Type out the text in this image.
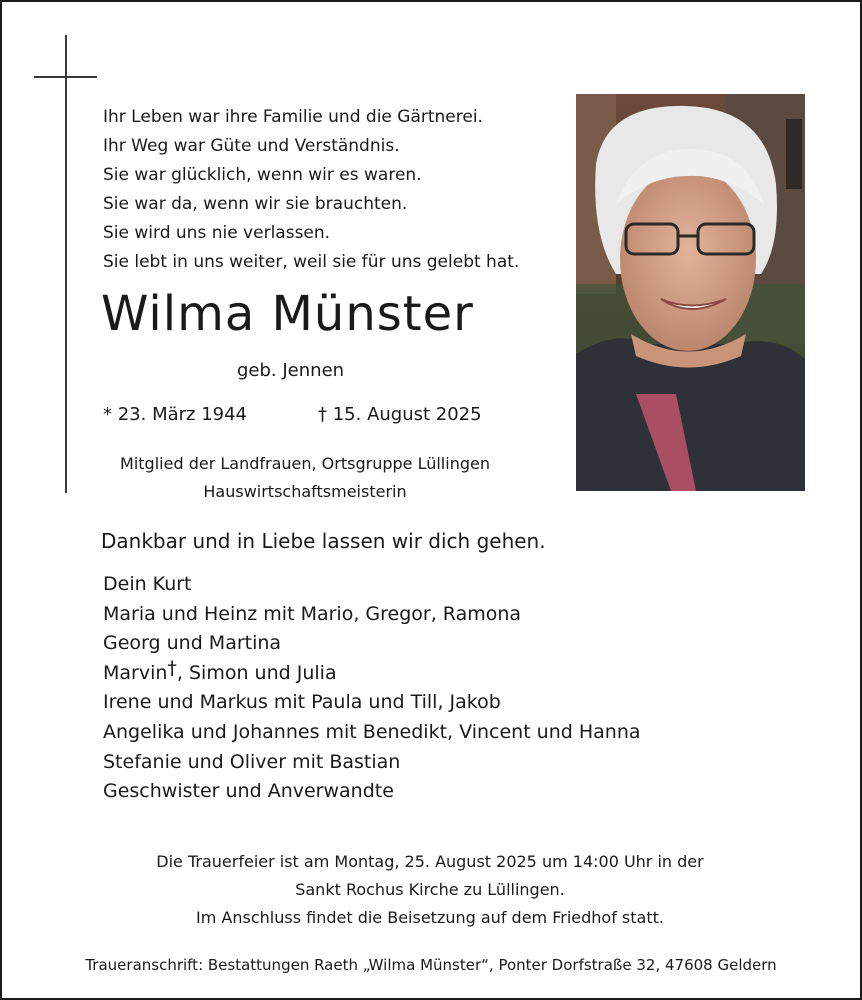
Ihr Leben war ihre Familie und die Gärtnerei.
Ihr Weg war Güte und Verständnis.
Sie war glücklich, wenn wir es waren.
Sie war da, wenn wir sie brauchten.
Sie wird uns nie verlassen.
Sie lebt in uns weiter, weil sie für uns gelebt hat.
Wilma Münster
geb. Jennen
* 23. März 1944	† 15. August 2025
Mitglied der Landfrauen, Ortsgruppe Lüllingen
Hauswirtschaftsmeisterin
Dankbar und in Liebe lassen wir dich gehen.
Dein Kurt
Maria und Heinz mit Mario, Gregor, Ramona
Georg und Martina
Marvin†, Simon und Julia
Irene und Markus mit Paula und Till, Jakob
Angelika und Johannes mit Benedikt, Vincent und Hanna
Stefanie und Oliver mit Bastian
Geschwister und Anverwandte
Die Trauerfeier ist am Montag, 25. August 2025 um 14:00 Uhr in der
Sankt Rochus Kirche zu Lüllingen.
Im Anschluss findet die Beisetzung auf dem Friedhof statt.
Traueranschrift: Bestattungen Raeth „Wilma Münster“, Ponter Dorfstraße 32, 47608 Geldern
